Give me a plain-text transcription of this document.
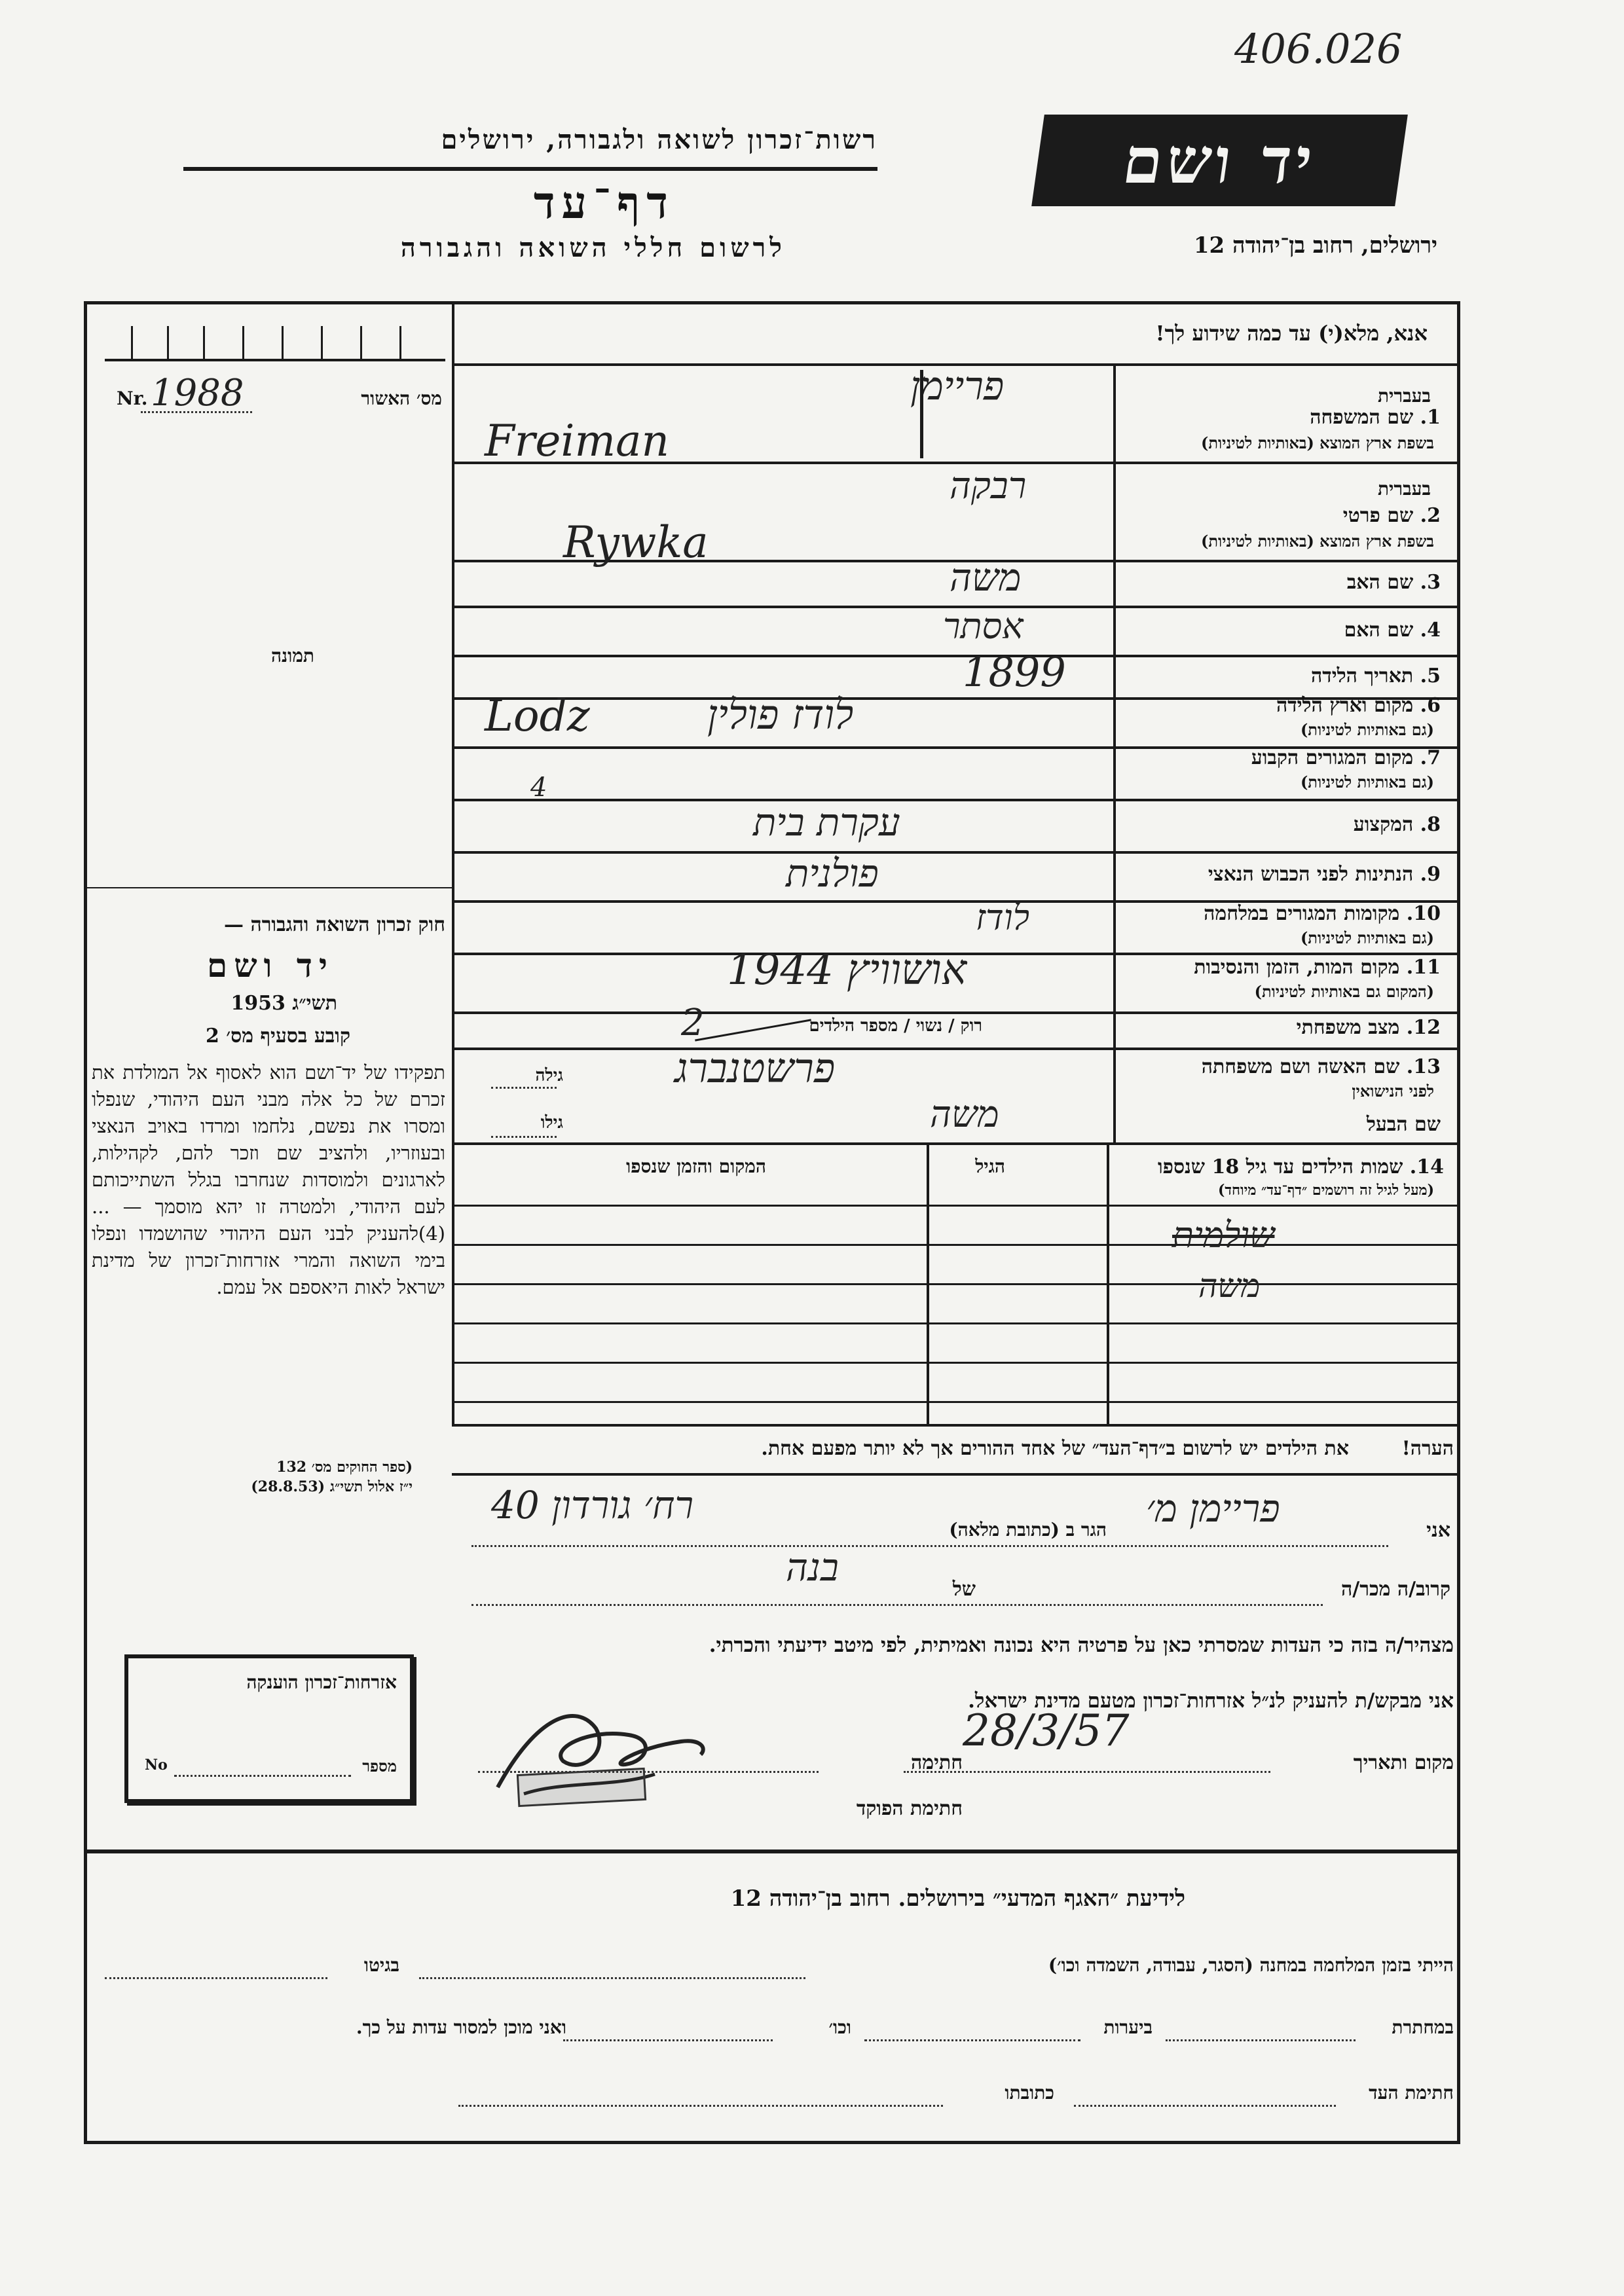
406.026
יד ושם
רשות־זכרון לשואה ולגבורה, ירושלים
דף־עד
לרשום חללי השואה והגבורה	ירושלים, רחוב בן־יהודה 12
אנא, מלא(י) עד כמה שידוע לך!
Nr. 1988	מס׳ האשור
תמונה
חוק זכרון השואה והגבורה —
יד ושם
תשי״ג 1953
קובע בסעיף מס׳ 2
תפקידו של יד־ושם הוא לאסוף אל המולדת את זכרם של כל אלה מבני העם היהודי, שנפלו ומסרו את נפשם, נלחמו ומרדו באויב הנאצי ובעוזריו, ולהציב שם וזכר להם, לקהילות, לארגונים ולמוסדות שנחרבו בגלל השתייכותם לעם היהודי, ולמטרה זו יהא מוסמך — ...(4)להעניק לבני העם היהודי שהושמדו ונפלו בימי השואה והמרי אזרחות־זכרון של מדינת ישראל לאות היאספם אל עמם.
(ספר החוקים מס׳ 132
י״ז אלול תשי״ג (28.8.53)
אזרחות־זכרון הוענקה
מספר
No
בעברית
1. שם המשפחה
בשפת ארץ המוצא (באותיות לטיניות)
פריימן
Freiman
בעברית
2. שם פרטי
בשפת ארץ המוצא (באותיות לטיניות)
רבקה
Rywka
3. שם האב
משה
4. שם האם
אסתר
5. תאריך הלידה
1899
6. מקום וארץ הלידה
(גם באותיות לטיניות)
לודז פולין
Lodz
7. מקום המגורים הקבוע
(גם באותיות לטיניות)
4
8. המקצוע
עקרת בית
9. הנתינות לפני הכבוש הנאצי
פולנית
10. מקומות המגורים במלחמה
(גם באותיות לטיניות)
לודז
11. מקום המות, הזמן והנסיבות
(המקום גם באותיות לטיניות)
1944 אושוויץ
12. מצב משפחתי
רוק / נשוי / מספר הילדים
2
13. שם האשה ושם משפחתה
לפני הנישואין
גילה	פרשטנברג
שם הבעל
גילו	משה
14. שמות הילדים עד גיל 18 שנספו
(מעל לגיל זה רושמים ״דף־עד״ מיוחד)
הגיל
המקום והזמן שנספו
שולמית
משה
הערה!
את הילדים יש לרשום ב״דף־העד״ של אחד ההורים אך לא יותר מפעם אחת.
אני
פריימן מ׳
הגר ב (כתובת מלאה)
רח׳ גורדון 40
קרוב/ה מכר/ה
של
בנה
מצהיר/ה בזה כי העדות שמסרתי כאן על פרטיה היא נכונה ואמיתית, לפי מיטב ידיעתי והכרתי.
אני מבקש/ת להעניק לנ״ל אזרחות־זכרון מטעם מדינת ישראל.
מקום ותאריך
28/3/57
חתימה
חתימת הפוקד
לידיעת ״האגף המדעי״ בירושלים. רחוב בן־יהודה 12
הייתי בזמן המלחמה במחנה (הסגר, עבודה, השמדה וכו׳)
בגיטו
במחתרת
ביערות
וכו׳
ואני מוכן למסור עדות על כך.
חתימת העד
כתובתו
